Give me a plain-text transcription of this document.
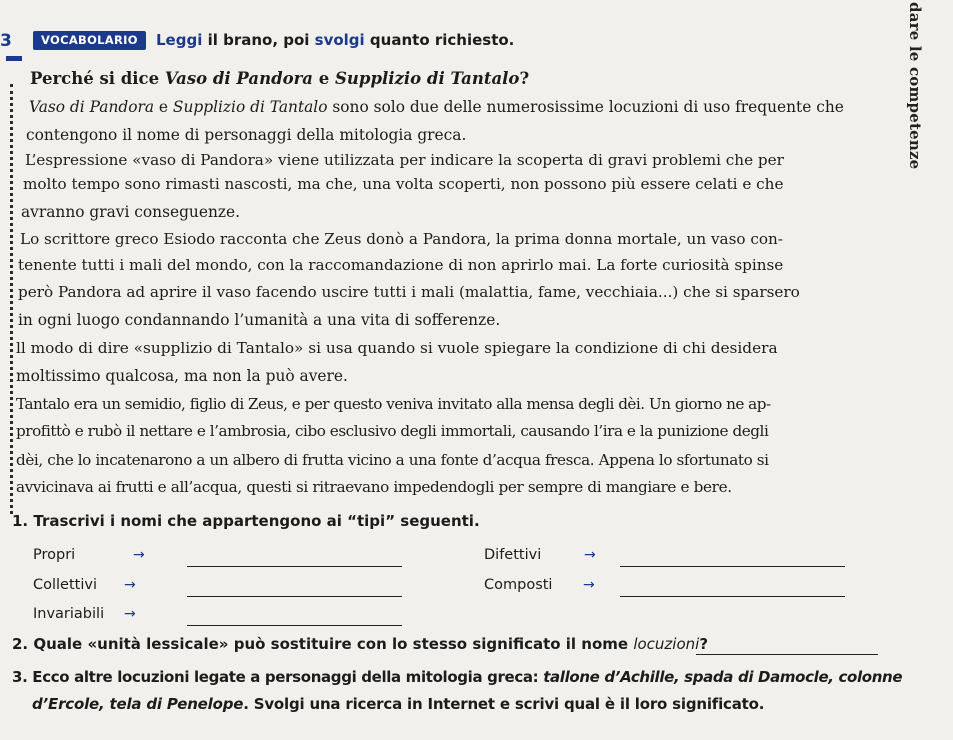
3	VOCABOLARIO	Leggi il brano, poi svolgi quanto richiesto.	dare le competenze
Perché si dice Vaso di Pandora e Supplizio di Tantalo?
Vaso di Pandora e Supplizio di Tantalo sono solo due delle numerosissime locuzioni di uso frequente che
contengono il nome di personaggi della mitologia greca.
L’espressione «vaso di Pandora» viene utilizzata per indicare la scoperta di gravi problemi che per
molto tempo sono rimasti nascosti, ma che, una volta scoperti, non possono più essere celati e che
avranno gravi conseguenze.
Lo scrittore greco Esiodo racconta che Zeus donò a Pandora, la prima donna mortale, un vaso con-
tenente tutti i mali del mondo, con la raccomandazione di non aprirlo mai. La forte curiosità spinse
però Pandora ad aprire il vaso facendo uscire tutti i mali (malattia, fame, vecchiaia...) che si sparsero
in ogni luogo condannando l’umanità a una vita di sofferenze.
ll modo di dire «supplizio di Tantalo» si usa quando si vuole spiegare la condizione di chi desidera
moltissimo qualcosa, ma non la può avere.
Tantalo era un semidio, figlio di Zeus, e per questo veniva invitato alla mensa degli dèi. Un giorno ne ap-
profittò e rubò il nettare e l’ambrosia, cibo esclusivo degli immortali, causando l’ira e la punizione degli
dèi, che lo incatenarono a un albero di frutta vicino a una fonte d’acqua fresca. Appena lo sfortunato si
avvicinava ai frutti e all’acqua, questi si ritraevano impedendogli per sempre di mangiare e bere.
1. Trascrivi i nomi che appartengono ai “tipi” seguenti.
Propri	→	Difettivi	→
Collettivi →	Composti →
Invariabili →
2. Quale «unità lessicale» può sostituire con lo stesso significato il nome locuzioni?
3. Ecco altre locuzioni legate a personaggi della mitologia greca: tallone d’Achille, spada di Damocle, colonne
d’Ercole, tela di Penelope. Svolgi una ricerca in Internet e scrivi qual è il loro significato.
